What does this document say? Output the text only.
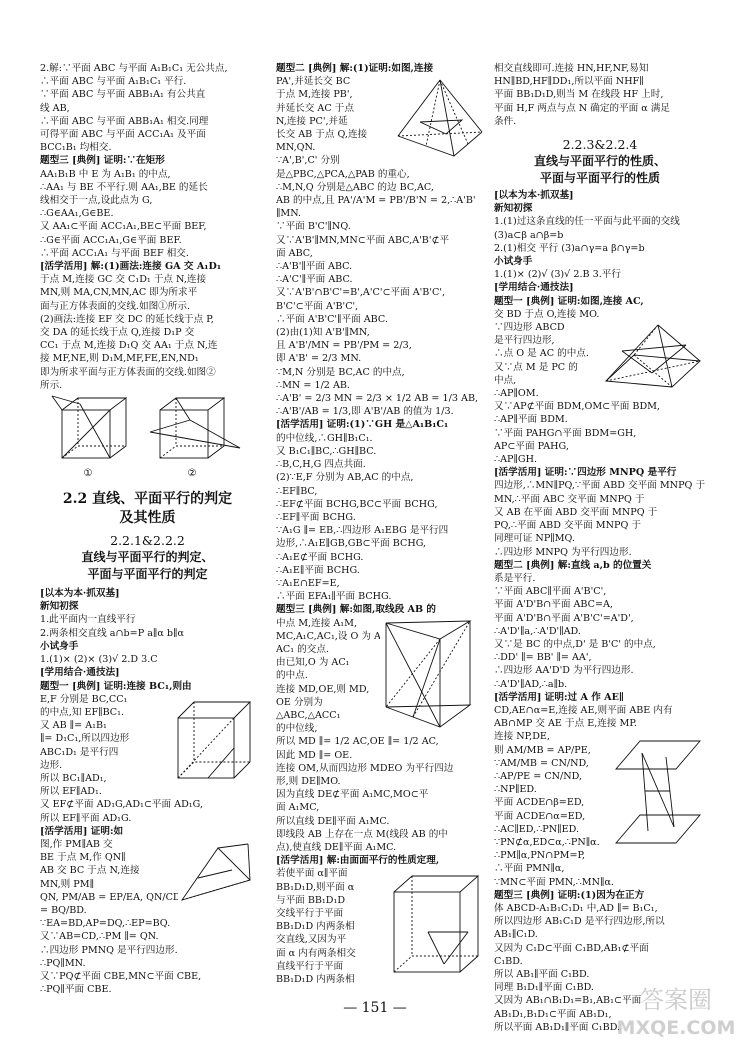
2.解:∵平面 ABC 与平面 A₁B₁C₁ 无公共点,
∴平面 ABC 与平面 A₁B₁C₁ 平行.
∵平面 ABC 与平面 ABB₁A₁ 有公共直
线 AB,
∴平面 ABC 与平面 ABB₁A₁ 相交.同理
可得平面 ABC 与平面 ACC₁A₁ 及平面
BCC₁B₁ 均相交.
题型三 [典例] 证明:∵在矩形
AA₁B₁B 中 E 为 A₁B₁ 的中点,
∴AA₁ 与 BE 不平行.则 AA₁,BE 的延长
线相交于一点,设此点为 G,
∴G∈AA₁,G∈BE.
又 AA₁⊂平面 ACC₁A₁,BE⊂平面 BEF,
∴G∈平面 ACC₁A₁,G∈平面 BEF.
∴平面 ACC₁A₁ 与平面 BEF 相交.
[活学活用] 解:(1)画法:连接 GA 交 A₁D₁
于点 M,连接 GC 交 C₁D₁ 于点 N,连接
MN,则 MA,CN,MN,AC 即为所求平
面与正方体表面的交线.如图①所示.
(2)画法:连接 EF 交 DC 的延长线于点 P,
交 DA 的延长线于点 Q,连接 D₁P 交
CC₁ 于点 M,连接 D₁Q 交 AA₁ 于点 N,连
接 MF,NE,则 D₁M,MF,FE,EN,ND₁
即为所求平面与正方体表面的交线.如图②
所示.
①	②
2.2 直线、平面平行的判定
及其性质
2.2.1&2.2.2
直线与平面平行的判定、
平面与平面平行的判定
[以本为本·抓双基]
新知初探
1.此平面内一直线平行
2.两条相交直线 a∩b=P a∥α b∥α
小试身手
1.(1)× (2)× (3)√ 2.D 3.C
[学用结合·通技法]
题型一 [典例] 证明:连接 BC₁,则由
E,F 分别是 BC,CC₁
的中点,知 EF∥BC₁.
又 AB ∥= A₁B₁
∥= D₁C₁,所以四边形
ABC₁D₁ 是平行四
边形.
所以 BC₁∥AD₁,
所以 EF∥AD₁.
又 EF⊄平面 AD₁G,AD₁⊂平面 AD₁G,
所以 EF∥平面 AD₁G.
[活学活用] 证明:如
图,作 PM∥AB 交
BE 于点 M,作 QN∥
AB 交 BC 于点 N,连接
MN,则 PM∥
QN, PM/AB = EP/EA, QN/CD
= BQ/BD.
∵EA=BD,AP=DQ,∴EP=BQ.
又∵AB=CD,∴PM ∥= QN.
∴四边形 PMNQ 是平行四边形.
∴PQ∥MN.
又∵PQ⊄平面 CBE,MN⊂平面 CBE,
∴PQ∥平面 CBE.
题型二 [典例] 解:(1)证明:如图,连接
PA',并延长交 BC
于点 M,连接 PB',
并延长交 AC 于点
N,连接 PC',并延
长交 AB 于点 Q,连接
MN,QN.
∵A',B',C' 分别
是△PBC,△PCA,△PAB 的重心,
∴M,N,Q 分别是△ABC 的边 BC,AC,
AB 的中点,且 PA'/A'M = PB'/B'N = 2,∴A'B'
∥MN.
∵平面 B'C'∥NQ.
又∵A'B'∥MN,MN⊂平面 ABC,A'B'⊄平
面 ABC,
∴A'B'∥平面 ABC.
∴A'C'∥平面 ABC.
又∵A'B'∩B'C'=B',A'C'⊂平面 A'B'C',
B'C'⊂平面 A'B'C',
∴平面 A'B'C'∥平面 ABC.
(2)由(1)知 A'B'∥MN,
且 A'B'/MN = PB'/PM = 2/3,
即 A'B' = 2/3 MN.
∵M,N 分别是 BC,AC 的中点,
∴MN = 1/2 AB.
∴A'B' = 2/3 MN = 2/3 × 1/2 AB = 1/3 AB,
∴A'B'/AB = 1/3,即 A'B'/AB 的值为 1/3.
[活学活用] 证明:(1)∵GH 是△A₁B₁C₁
的中位线,∴GH∥B₁C₁.
又 B₁C₁∥BC,∴GH∥BC.
∴B,C,H,G 四点共面.
(2)∵E,F 分别为 AB,AC 的中点,
∴EF∥BC,
∴EF⊄平面 BCHG,BC⊂平面 BCHG,
∴EF∥平面 BCHG.
∵A₁G ∥= EB,∴四边形 A₁EBG 是平行四
边形,∴A₁E∥GB,GB⊂平面 BCHG,
∴A₁E⊄平面 BCHG.
∴A₁E∥平面 BCHG.
∵A₁E∩EF=E,
∴平面 EFA₁∥平面 BCHG.
题型三 [典例] 解:如图,取线段 AB 的
中点 M,连接 A₁M,
MC,A₁C,AC₁,设 O 为 A₁C,
AC₁ 的交点.
由已知,O 为 AC₁
的中点.
连接 MD,OE,则 MD,
OE 分别为
△ABC,△ACC₁
的中位线,
所以 MD ∥= 1/2 AC,OE ∥= 1/2 AC,
因此 MD ∥= OE.
连接 OM,从而四边形 MDEO 为平行四边
形,则 DE∥MO.
因为直线 DE⊄平面 A₁MC,MO⊂平
面 A₁MC,
所以直线 DE∥平面 A₁MC.
即线段 AB 上存在一点 M(线段 AB 的中
点),使直线 DE∥平面 A₁MC.
[活学活用] 解:由面面平行的性质定理,
若使平面 α∥平面
BB₁D₁D,则平面 α
与平面 BB₁D₁D
交线平行于平面
BB₁D₁D 内两条相
交直线,又因为平
面 α 内有两条相交
直线平行于平面
BB₁D₁D 内两条相
相交直线即可.连接 HN,HF,NF,易知
HN∥BD,HF∥DD₁,所以平面 NHF∥
平面 BB₁D₁D,则当 M 在线段 HF 上时,
平面 H,F 两点与点 N 确定的平面 α 满足
条件.
2.2.3&2.2.4
直线与平面平行的性质、
平面与平面平行的性质
[以本为本·抓双基]
新知初探
1.(1)过这条直线的任一平面与此平面的交线
(3)a⊂β a∩β=b
2.(1)相交 平行 (3)a∩γ=a β∩γ=b
小试身手
1.(1)× (2)√ (3)√ 2.B 3.平行
[学用结合·通技法]
题型一 [典例] 证明:如图,连接 AC,
交 BD 于点 O,连接 MO.
∵四边形 ABCD
是平行四边形,
∴点 O 是 AC 的中点.
又∵点 M 是 PC 的
中点,
∴AP∥OM.
又∵AP⊄平面 BDM,OM⊂平面 BDM,
∴AP∥平面 BDM.
∵平面 PAHG∩平面 BDM=GH,
AP⊂平面 PAHG,
∴AP∥GH.
[活学活用] 证明:∵四边形 MNPQ 是平行
四边形,∴MN∥PQ,∵平面 ABD 交平面 MNPQ 于
MN,∴平面 ABC 交平面 MNPQ 于
又 AB 在平面 ABD 交平面 MNPQ 于
PQ,∴平面 ABD 交平面 MNPQ 于
同理可证 NP∥MQ.
∴四边形 MNPQ 为平行四边形.
题型二 [典例] 解:直线 a,b 的位置关
系是平行.
∵平面 ABC∥平面 A'B'C',
平面 A'D'B∩平面 ABC=A,
平面 A'D'B∩平面 A'B'C'=A'D',
∴A'D'∥a,∴A'D'∥AD.
又∵是 BC 的中点,D' 是 B'C' 的中点,
∴DD' ∥= BB' ∥= AA',
∴四边形 AA'D'D 为平行四边形.
∴A'D'∥AD,∴a∥b.
[活学活用] 证明:过 A 作 AE∥
CD,AE∩α=E,连接 AE,则平面 ABE 内有
AB∩MP 交 AE 于点 E,连接 MP.
连接 NP,DE,
则 AM/MB = AP/PE,
∵AM/MB = CN/ND,
∴AP/PE = CN/ND,
∴NP∥ED.
平面 ACDE∩β=ED,
平面 ACDE∩α=ED,
∴AC∥ED,∴PN∥ED.
∵PN⊄α,ED⊂α,∴PN∥α.
∴PM∥α,PN∩PM=P,
∴平面 PMN∥α,
∵MN⊂平面 PMN,∴MN∥α.
题型三 [典例] 证明:(1)因为在正方
体 ABCD-A₁B₁C₁D₁ 中,AD ∥= B₁C₁,
所以四边形 AB₁C₁D 是平行四边形,所以
AB₁∥C₁D.
又因为 C₁D⊂平面 C₁BD,AB₁⊄平面
C₁BD.
所以 AB₁∥平面 C₁BD.
同理 B₁D₁∥平面 C₁BD.
又因为 AB₁∩B₁D₁=B₁,AB₁⊂平面
AB₁D₁,B₁D₁⊂平面 AB₁D₁,
所以平面 AB₁D₁∥平面 C₁BD.
— 151 —	答案圈
MXQE.COM
